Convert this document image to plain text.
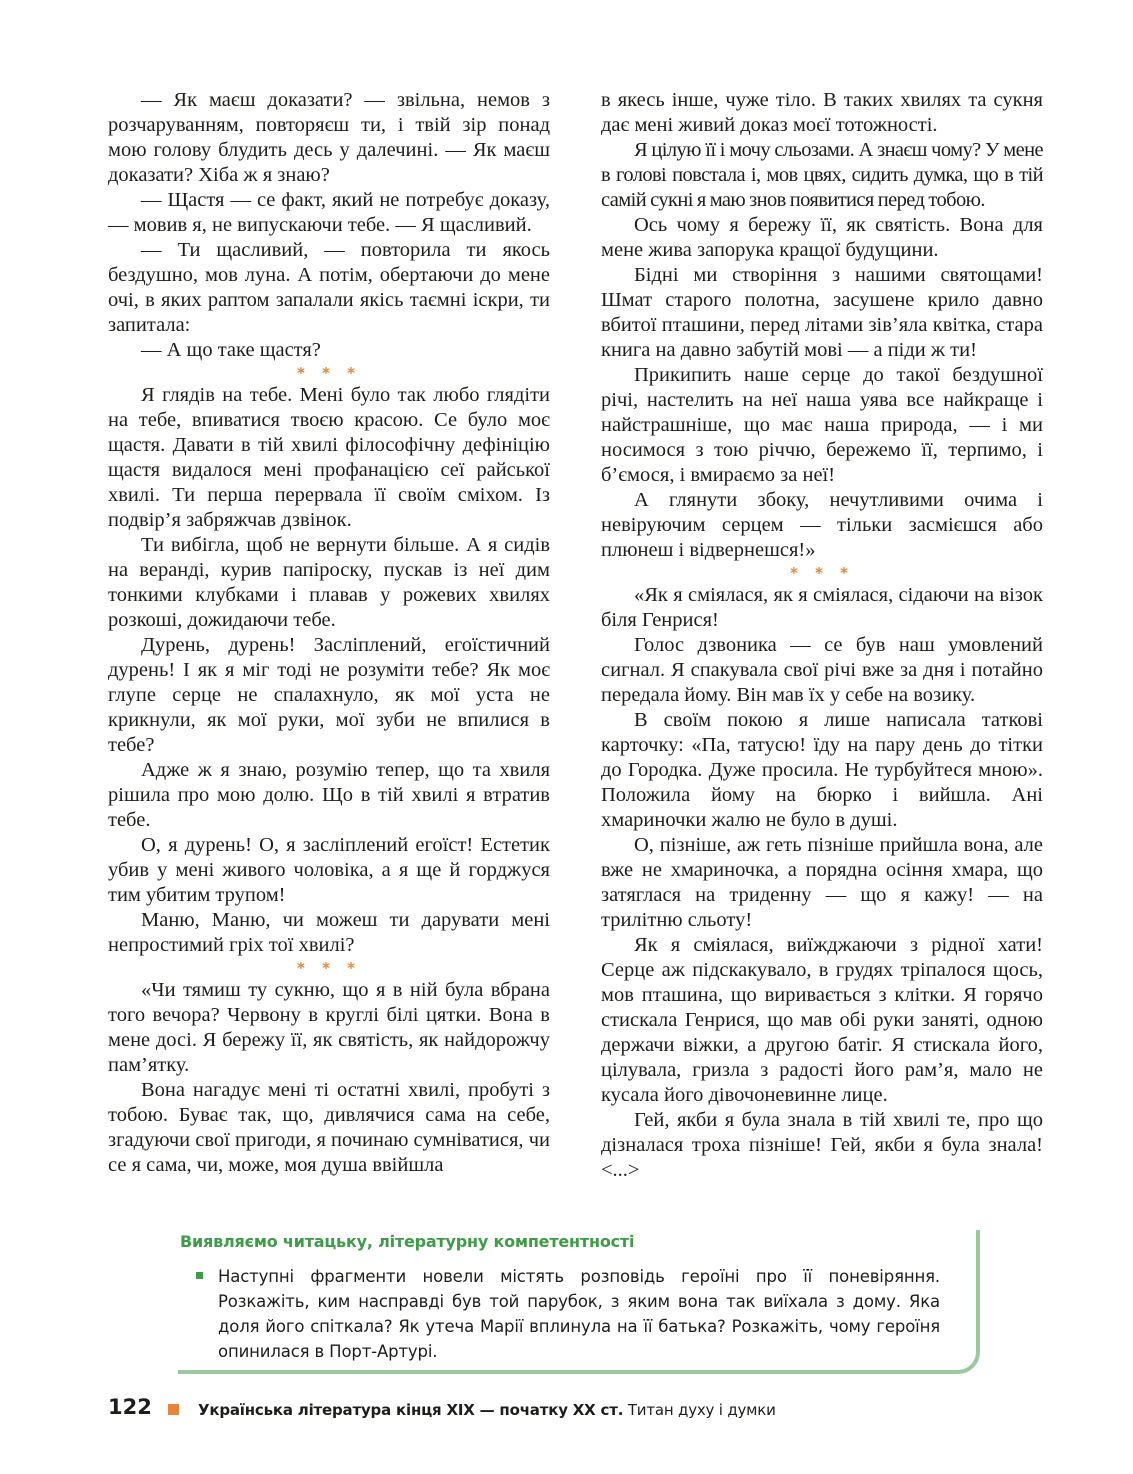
— Як маєш доказати? — звільна, немов з розчаруванням, повторяєш ти, і твій зір понад мою голову блудить десь у далечині. — Як маєш доказати? Хіба ж я знаю?

— Щастя — се факт, який не потребує доказу, — мовив я, не випускаючи тебе. — Я щасливий.

— Ти щасливий, — повторила ти якось бездушно, мов луна. А потім, обертаючи до мене очі, в яких раптом запалали якісь таємні іскри, ти запитала:

— А що таке щастя?

* * *

Я глядів на тебе. Мені було так любо глядіти на тебе, впиватися твоєю красою. Се було моє щастя. Давати в тій хвилі філософічну дефініцію щастя видалося мені профанацією сеї райської хвилі. Ти перша перервала її своїм сміхом. Із подвір’я забряжчав дзвінок.

Ти вибігла, щоб не вернути більше. А я сидів на веранді, курив папіроску, пускав із неї дим тонкими клубками і плавав у рожевих хвилях розкоші, дожидаючи тебе.

Дурень, дурень! Засліплений, егоїстичний дурень! І як я міг тоді не розуміти тебе? Як моє глупе серце не спалахнуло, як мої уста не крикнули, як мої руки, мої зуби не впилися в тебе?

Адже ж я знаю, розумію тепер, що та хвиля рішила про мою долю. Що в тій хвилі я втратив тебе.

О, я дурень! О, я засліплений егоїст! Естетик убив у мені живого чоловіка, а я ще й горджуся тим убитим трупом!

Маню, Маню, чи можеш ти дарувати мені непростимий гріх тої хвилі?

* * *

«Чи тямиш ту сукню, що я в ній була вбрана того вечора? Червону в круглі білі цятки. Вона в мене досі. Я бережу її, як святість, як найдорожчу пам’ятку.

Вона нагадує мені ті остатні хвилі, пробуті з тобою. Буває так, що, дивлячися сама на себе, згадуючи свої пригоди, я починаю сумніватися, чи се я сама, чи, може, моя душа ввійшла

в якесь інше, чуже тіло. В таких хвилях та сукня дає мені живий доказ моєї тотожності.

Я цілую її і мочу сльозами. А знаєш чому? У мене в голові повстала і, мов цвях, сидить думка, що в тій самій сукні я маю знов появитися перед тобою.

Ось чому я бережу її, як святість. Вона для мене жива запорука кращої будущини.

Бідні ми створіння з нашими святощами! Шмат старого полотна, засушене крило давно вбитої пташини, перед літами зів’яла квітка, стара книга на давно забутій мові — а піди ж ти!

Прикипить наше серце до такої бездушної річі, настелить на неї наша уява все найкраще і найстрашніше, що має наша природа, — і ми носимося з тою річчю, бережемо її, терпимо, і б’ємося, і вмираємо за неї!

А глянути збоку, нечутливими очима і невіруючим серцем — тільки засмієшся або плюнеш і відвернешся!»

* * *

«Як я сміялася, як я сміялася, сідаючи на візок біля Генрися!

Голос дзвоника — се був наш умовлений сигнал. Я спакувала свої річі вже за дня і потайно передала йому. Він мав їх у себе на возику.

В своїм покою я лише написала таткові карточку: «Па, татусю! їду на пару день до тітки до Городка. Дуже просила. Не турбуйтеся мною». Положила йому на бюрко і вийшла. Ані хмариночки жалю не було в душі.

О, пізніше, аж геть пізніше прийшла вона, але вже не хмариночка, а порядна осіння хмара, що затяглася на триденну — що я кажу! — на трилітню сльоту!

Як я сміялася, виїжджаючи з рідної хати! Серце аж підскакувало, в грудях тріпалося щось, мов пташина, що виривається з клітки. Я горячо стискала Генрися, що мав обі руки заняті, одною держачи віжки, а другою батіг. Я стискала його, цілувала, гризла з радості його рам’я, мало не кусала його дівочоневинне лице.

Гей, якби я була знала в тій хвилі те, про що дізналася троха пізніше! Гей, якби я була знала! <...>

Виявляємо читацьку, літературну компетентності
Наступні фрагменти новели містять розповідь героїні про її поневіряння. Розкажіть, ким насправді був той парубок, з яким вона так виїхала з дому. Яка доля його спіткала? Як утеча Марії вплинула на її батька? Розкажіть, чому героїня опинилася в Порт-Артурі.
122	Українська література кінця XIX — початку XX ст. Титан духу і думки
